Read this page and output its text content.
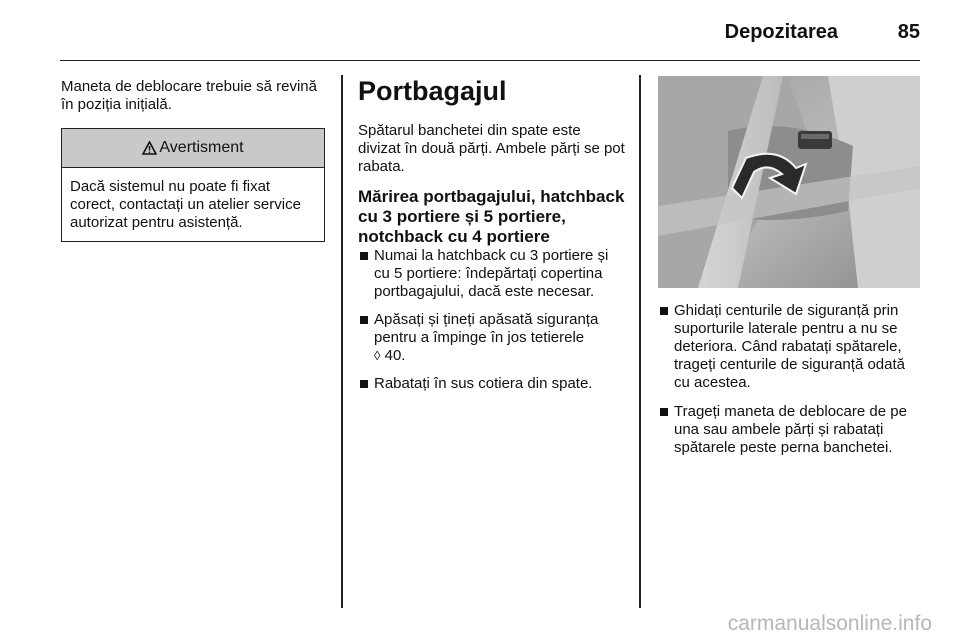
Depozitarea	85

Maneta de deblocare trebuie să revină în poziția inițială.

Avertisment
Dacă sistemul nu poate fi fixat corect, contactați un atelier service autorizat pentru asistență.
Portbagajul

Spătarul banchetei din spate este divizat în două părți. Ambele părți se pot rabata.

Mărirea portbagajului, hatchback cu 3 portiere și 5 portiere, notchback cu 4 portiere
Numai la hatchback cu 3 portiere și cu 5 portiere: îndepărtați copertina portbagajului, dacă este necesar.
Apăsați și țineți apăsată siguranța pentru a împinge în jos tetierele
◊ 40.
Rabatați în sus cotiera din spate.
Ghidați centurile de siguranță prin suporturile laterale pentru a nu se deteriora. Când rabatați spătarele, trageți centurile de siguranță odată cu acestea.
Trageți maneta de deblocare de pe una sau ambele părți și rabatați spătarele peste perna banchetei.
carmanualsonline.info
